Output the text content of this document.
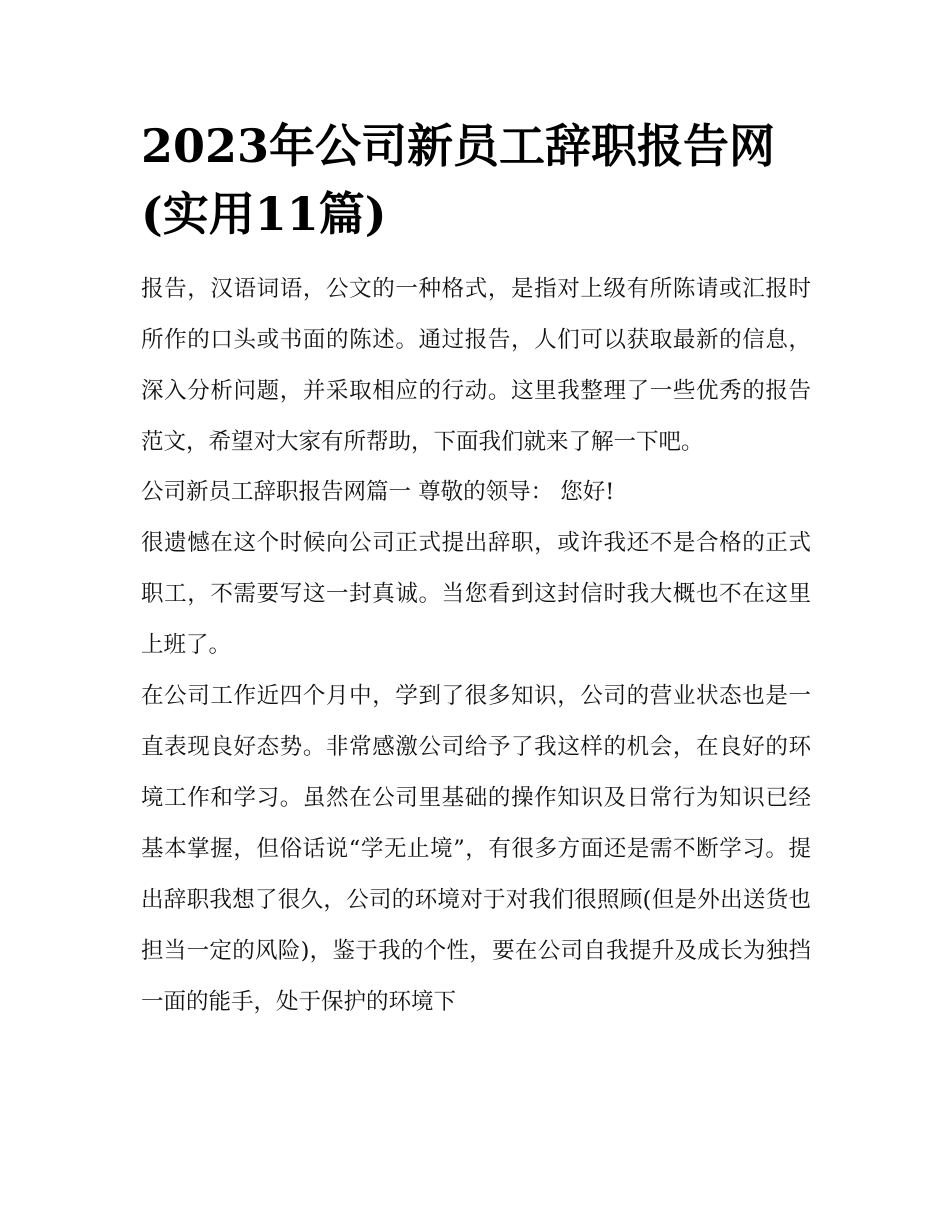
2023年公司新员工辞职报告网
(实用11篇)

报告，汉语词语，公文的一种格式，是指对上级有所陈请或汇报时所作的口头或书面的陈述。通过报告，人们可以获取最新的信息，深入分析问题，并采取相应的行动。这里我整理了一些优秀的报告范文，希望对大家有所帮助，下面我们就来了解一下吧。

公司新员工辞职报告网篇一 尊敬的领导： 您好!

很遗憾在这个时候向公司正式提出辞职，或许我还不是合格的正式职工，不需要写这一封真诚。当您看到这封信时我大概也不在这里上班了。

在公司工作近四个月中，学到了很多知识，公司的营业状态也是一直表现良好态势。非常感激公司给予了我这样的机会，在良好的环境工作和学习。虽然在公司里基础的操作知识及日常行为知识已经基本掌握，但俗话说“学无止境”，有很多方面还是需不断学习。提出辞职我想了很久，公司的环境对于对我们很照顾(但是外出送货也担当一定的风险)，鉴于我的个性，要在公司自我提升及成长为独挡一面的能手，处于保护的环境下
